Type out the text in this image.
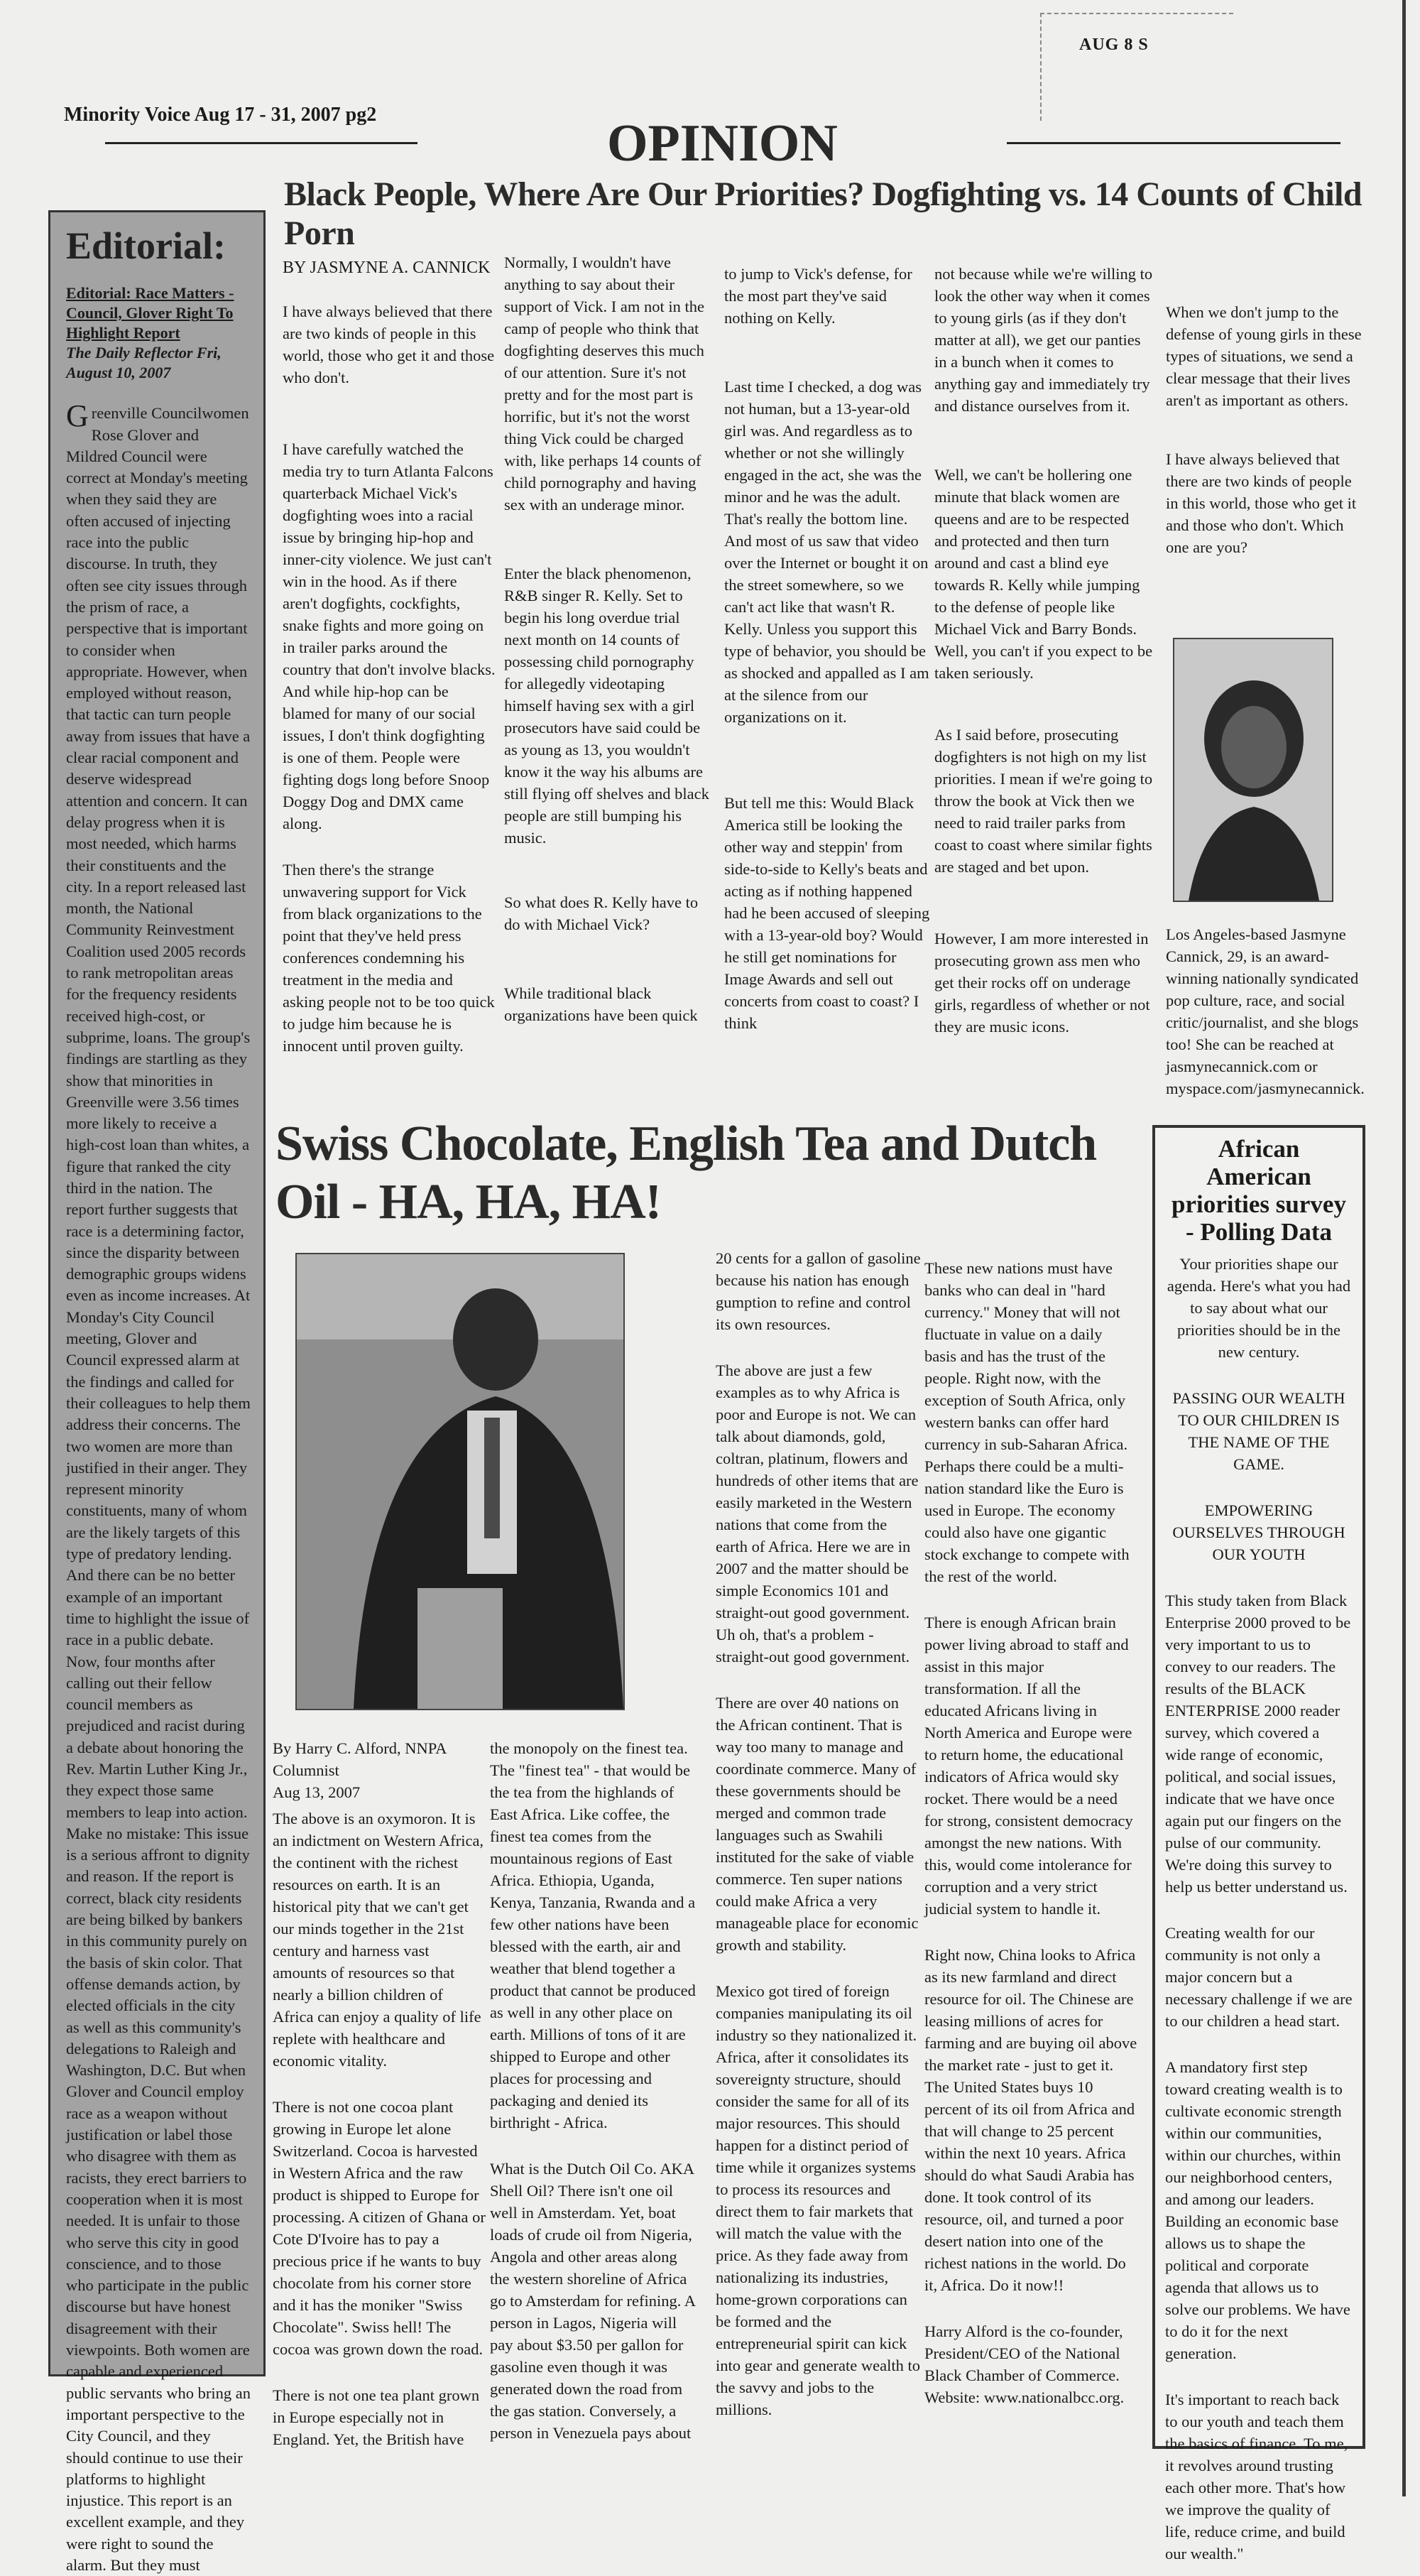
AUG 8 S
Minority Voice Aug 17 - 31, 2007 pg2	OPINION
Black People, Where Are Our Priorities? Dogfighting vs. 14 Counts of Child Porn
Editorial:
Editorial: Race Matters - Council, Glover Right To Highlight Report
The Daily Reflector Fri, August 10, 2007
Greenville Councilwomen Rose Glover and Mildred Council were correct at Monday's meeting when they said they are often accused of injecting race into the public discourse. In truth, they often see city issues through the prism of race, a perspective that is important to consider when appropriate. However, when employed without reason, that tactic can turn people away from issues that have a clear racial component and deserve widespread attention and concern. It can delay progress when it is most needed, which harms their constituents and the city. In a report released last month, the National Community Reinvestment Coalition used 2005 records to rank metropolitan areas for the frequency residents received high-cost, or subprime, loans. The group's findings are startling as they show that minorities in Greenville were 3.56 times more likely to receive a high-cost loan than whites, a figure that ranked the city third in the nation. The report further suggests that race is a determining factor, since the disparity between demographic groups widens even as income increases. At Monday's City Council meeting, Glover and Council expressed alarm at the findings and called for their colleagues to help them address their concerns. The two women are more than justified in their anger. They represent minority constituents, many of whom are the likely targets of this type of predatory lending. And there can be no better example of an important time to highlight the issue of race in a public debate. Now, four months after calling out their fellow council members as prejudiced and racist during a debate about honoring the Rev. Martin Luther King Jr., they expect those same members to leap into action. Make no mistake: This issue is a serious affront to dignity and reason. If the report is correct, black city residents are being bilked by bankers in this community purely on the basis of skin color. That offense demands action, by elected officials in the city as well as this community's delegations to Raleigh and Washington, D.C. But when Glover and Council employ race as a weapon without justification or label those who disagree with them as racists, they erect barriers to cooperation when it is most needed. It is unfair to those who serve this city in good conscience, and to those who participate in the public discourse but have honest disagreement with their viewpoints. Both women are capable and experienced public servants who bring an important perspective to the City Council, and they should continue to use their platforms to highlight injustice. This report is an excellent example, and they were right to sound the alarm. But they must
BY JASMYNE A. CANNICK

I have always believed that there are two kinds of people in this world, those who get it and those who don't.

I have carefully watched the media try to turn Atlanta Falcons quarterback Michael Vick's dogfighting woes into a racial issue by bringing hip-hop and inner-city violence. We just can't win in the hood. As if there aren't dogfights, cockfights, snake fights and more going on in trailer parks around the country that don't involve blacks. And while hip-hop can be blamed for many of our social issues, I don't think dogfighting is one of them. People were fighting dogs long before Snoop Doggy Dog and DMX came along.

Then there's the strange unwavering support for Vick from black organizations to the point that they've held press conferences condemning his treatment in the media and asking people not to be too quick to judge him because he is innocent until proven guilty.

Normally, I wouldn't have anything to say about their support of Vick. I am not in the camp of people who think that dogfighting deserves this much of our attention. Sure it's not pretty and for the most part is horrific, but it's not the worst thing Vick could be charged with, like perhaps 14 counts of child pornography and having sex with an underage minor.

Enter the black phenomenon, R&B singer R. Kelly. Set to begin his long overdue trial next month on 14 counts of possessing child pornography for allegedly videotaping himself having sex with a girl prosecutors have said could be as young as 13, you wouldn't know it the way his albums are still flying off shelves and black people are still bumping his music.

So what does R. Kelly have to do with Michael Vick?

While traditional black organizations have been quick

to jump to Vick's defense, for the most part they've said nothing on Kelly.

Last time I checked, a dog was not human, but a 13-year-old girl was. And regardless as to whether or not she willingly engaged in the act, she was the minor and he was the adult. That's really the bottom line. And most of us saw that video over the Internet or bought it on the street somewhere, so we can't act like that wasn't R. Kelly. Unless you support this type of behavior, you should be as shocked and appalled as I am at the silence from our organizations on it.

But tell me this: Would Black America still be looking the other way and steppin' from side-to-side to Kelly's beats and acting as if nothing happened had he been accused of sleeping with a 13-year-old boy? Would he still get nominations for Image Awards and sell out concerts from coast to coast? I think

not because while we're willing to look the other way when it comes to young girls (as if they don't matter at all), we get our panties in a bunch when it comes to anything gay and immediately try and distance ourselves from it.

Well, we can't be hollering one minute that black women are queens and are to be respected and protected and then turn around and cast a blind eye towards R. Kelly while jumping to the defense of people like Michael Vick and Barry Bonds. Well, you can't if you expect to be taken seriously.

As I said before, prosecuting dogfighters is not high on my list priorities. I mean if we're going to throw the book at Vick then we need to raid trailer parks from coast to coast where similar fights are staged and bet upon.

However, I am more interested in prosecuting grown ass men who get their rocks off on underage girls, regardless of whether or not they are music icons.

When we don't jump to the defense of young girls in these types of situations, we send a clear message that their lives aren't as important as others.

I have always believed that there are two kinds of people in this world, those who get it and those who don't. Which one are you?

Los Angeles-based Jasmyne Cannick, 29, is an award-winning nationally syndicated pop culture, race, and social critic/journalist, and she blogs too! She can be reached at jasmynecannick.com or myspace.com/jasmynecannick.
Swiss Chocolate, English Tea and Dutch
Oil - HA, HA, HA!
By Harry C. Alford, NNPA Columnist
Aug 13, 2007

The above is an oxymoron. It is an indictment on Western Africa, the continent with the richest resources on earth. It is an historical pity that we can't get our minds together in the 21st century and harness vast amounts of resources so that nearly a billion children of Africa can enjoy a quality of life replete with healthcare and economic vitality.

There is not one cocoa plant growing in Europe let alone Switzerland. Cocoa is harvested in Western Africa and the raw product is shipped to Europe for processing. A citizen of Ghana or Cote D'Ivoire has to pay a precious price if he wants to buy chocolate from his corner store and it has the moniker "Swiss Chocolate". Swiss hell! The cocoa was grown down the road.

There is not one tea plant grown in Europe especially not in England. Yet, the British have

the monopoly on the finest tea. The "finest tea" - that would be the tea from the highlands of East Africa. Like coffee, the finest tea comes from the mountainous regions of East Africa. Ethiopia, Uganda, Kenya, Tanzania, Rwanda and a few other nations have been blessed with the earth, air and weather that blend together a product that cannot be produced as well in any other place on earth. Millions of tons of it are shipped to Europe and other places for processing and packaging and denied its birthright - Africa.

What is the Dutch Oil Co. AKA Shell Oil? There isn't one oil well in Amsterdam. Yet, boat loads of crude oil from Nigeria, Angola and other areas along the western shoreline of Africa go to Amsterdam for refining. A person in Lagos, Nigeria will pay about $3.50 per gallon for gasoline even though it was generated down the road from the gas station. Conversely, a person in Venezuela pays about

20 cents for a gallon of gasoline because his nation has enough gumption to refine and control its own resources.

The above are just a few examples as to why Africa is poor and Europe is not. We can talk about diamonds, gold, coltran, platinum, flowers and hundreds of other items that are easily marketed in the Western nations that come from the earth of Africa. Here we are in 2007 and the matter should be simple Economics 101 and straight-out good government. Uh oh, that's a problem - straight-out good government.

There are over 40 nations on the African continent. That is way too many to manage and coordinate commerce. Many of these governments should be merged and common trade languages such as Swahili instituted for the sake of viable commerce. Ten super nations could make Africa a very manageable place for economic growth and stability.

Mexico got tired of foreign companies manipulating its oil industry so they nationalized it. Africa, after it consolidates its sovereignty structure, should consider the same for all of its major resources. This should happen for a distinct period of time while it organizes systems to process its resources and direct them to fair markets that will match the value with the price. As they fade away from nationalizing its industries, home-grown corporations can be formed and the entrepreneurial spirit can kick into gear and generate wealth to the savvy and jobs to the millions.

These new nations must have banks who can deal in "hard currency." Money that will not fluctuate in value on a daily basis and has the trust of the people. Right now, with the exception of South Africa, only western banks can offer hard currency in sub-Saharan Africa. Perhaps there could be a multi-nation standard like the Euro is used in Europe. The economy could also have one gigantic stock exchange to compete with the rest of the world.

There is enough African brain power living abroad to staff and assist in this major transformation. If all the educated Africans living in North America and Europe were to return home, the educational indicators of Africa would sky rocket. There would be a need for strong, consistent democracy amongst the new nations. With this, would come intolerance for corruption and a very strict judicial system to handle it.

Right now, China looks to Africa as its new farmland and direct resource for oil. The Chinese are leasing millions of acres for farming and are buying oil above the market rate - just to get it. The United States buys 10 percent of its oil from Africa and that will change to 25 percent within the next 10 years. Africa should do what Saudi Arabia has done. It took control of its resource, oil, and turned a poor desert nation into one of the richest nations in the world. Do it, Africa. Do it now!!

Harry Alford is the co-founder, President/CEO of the National Black Chamber of Commerce. Website: www.nationalbcc.org.

African American priorities survey - Polling Data

Your priorities shape our agenda. Here's what you had to say about what our priorities should be in the new century.

PASSING OUR WEALTH TO OUR CHILDREN IS THE NAME OF THE GAME.

EMPOWERING OURSELVES THROUGH OUR YOUTH

This study taken from Black Enterprise 2000 proved to be very important to us to convey to our readers. The results of the BLACK ENTERPRISE 2000 reader survey, which covered a wide range of economic, political, and social issues, indicate that we have once again put our fingers on the pulse of our community. We're doing this survey to help us better understand us.

Creating wealth for our community is not only a major concern but a necessary challenge if we are to our children a head start.

A mandatory first step toward creating wealth is to cultivate economic strength within our communities, within our churches, within our neighborhood centers, and among our leaders. Building an economic base allows us to shape the political and corporate agenda that allows us to solve our problems. We have to do it for the next generation.

It's important to reach back to our youth and teach them the basics of finance. To me, it revolves around trusting each other more. That's how we improve the quality of life, reduce crime, and build our wealth."
